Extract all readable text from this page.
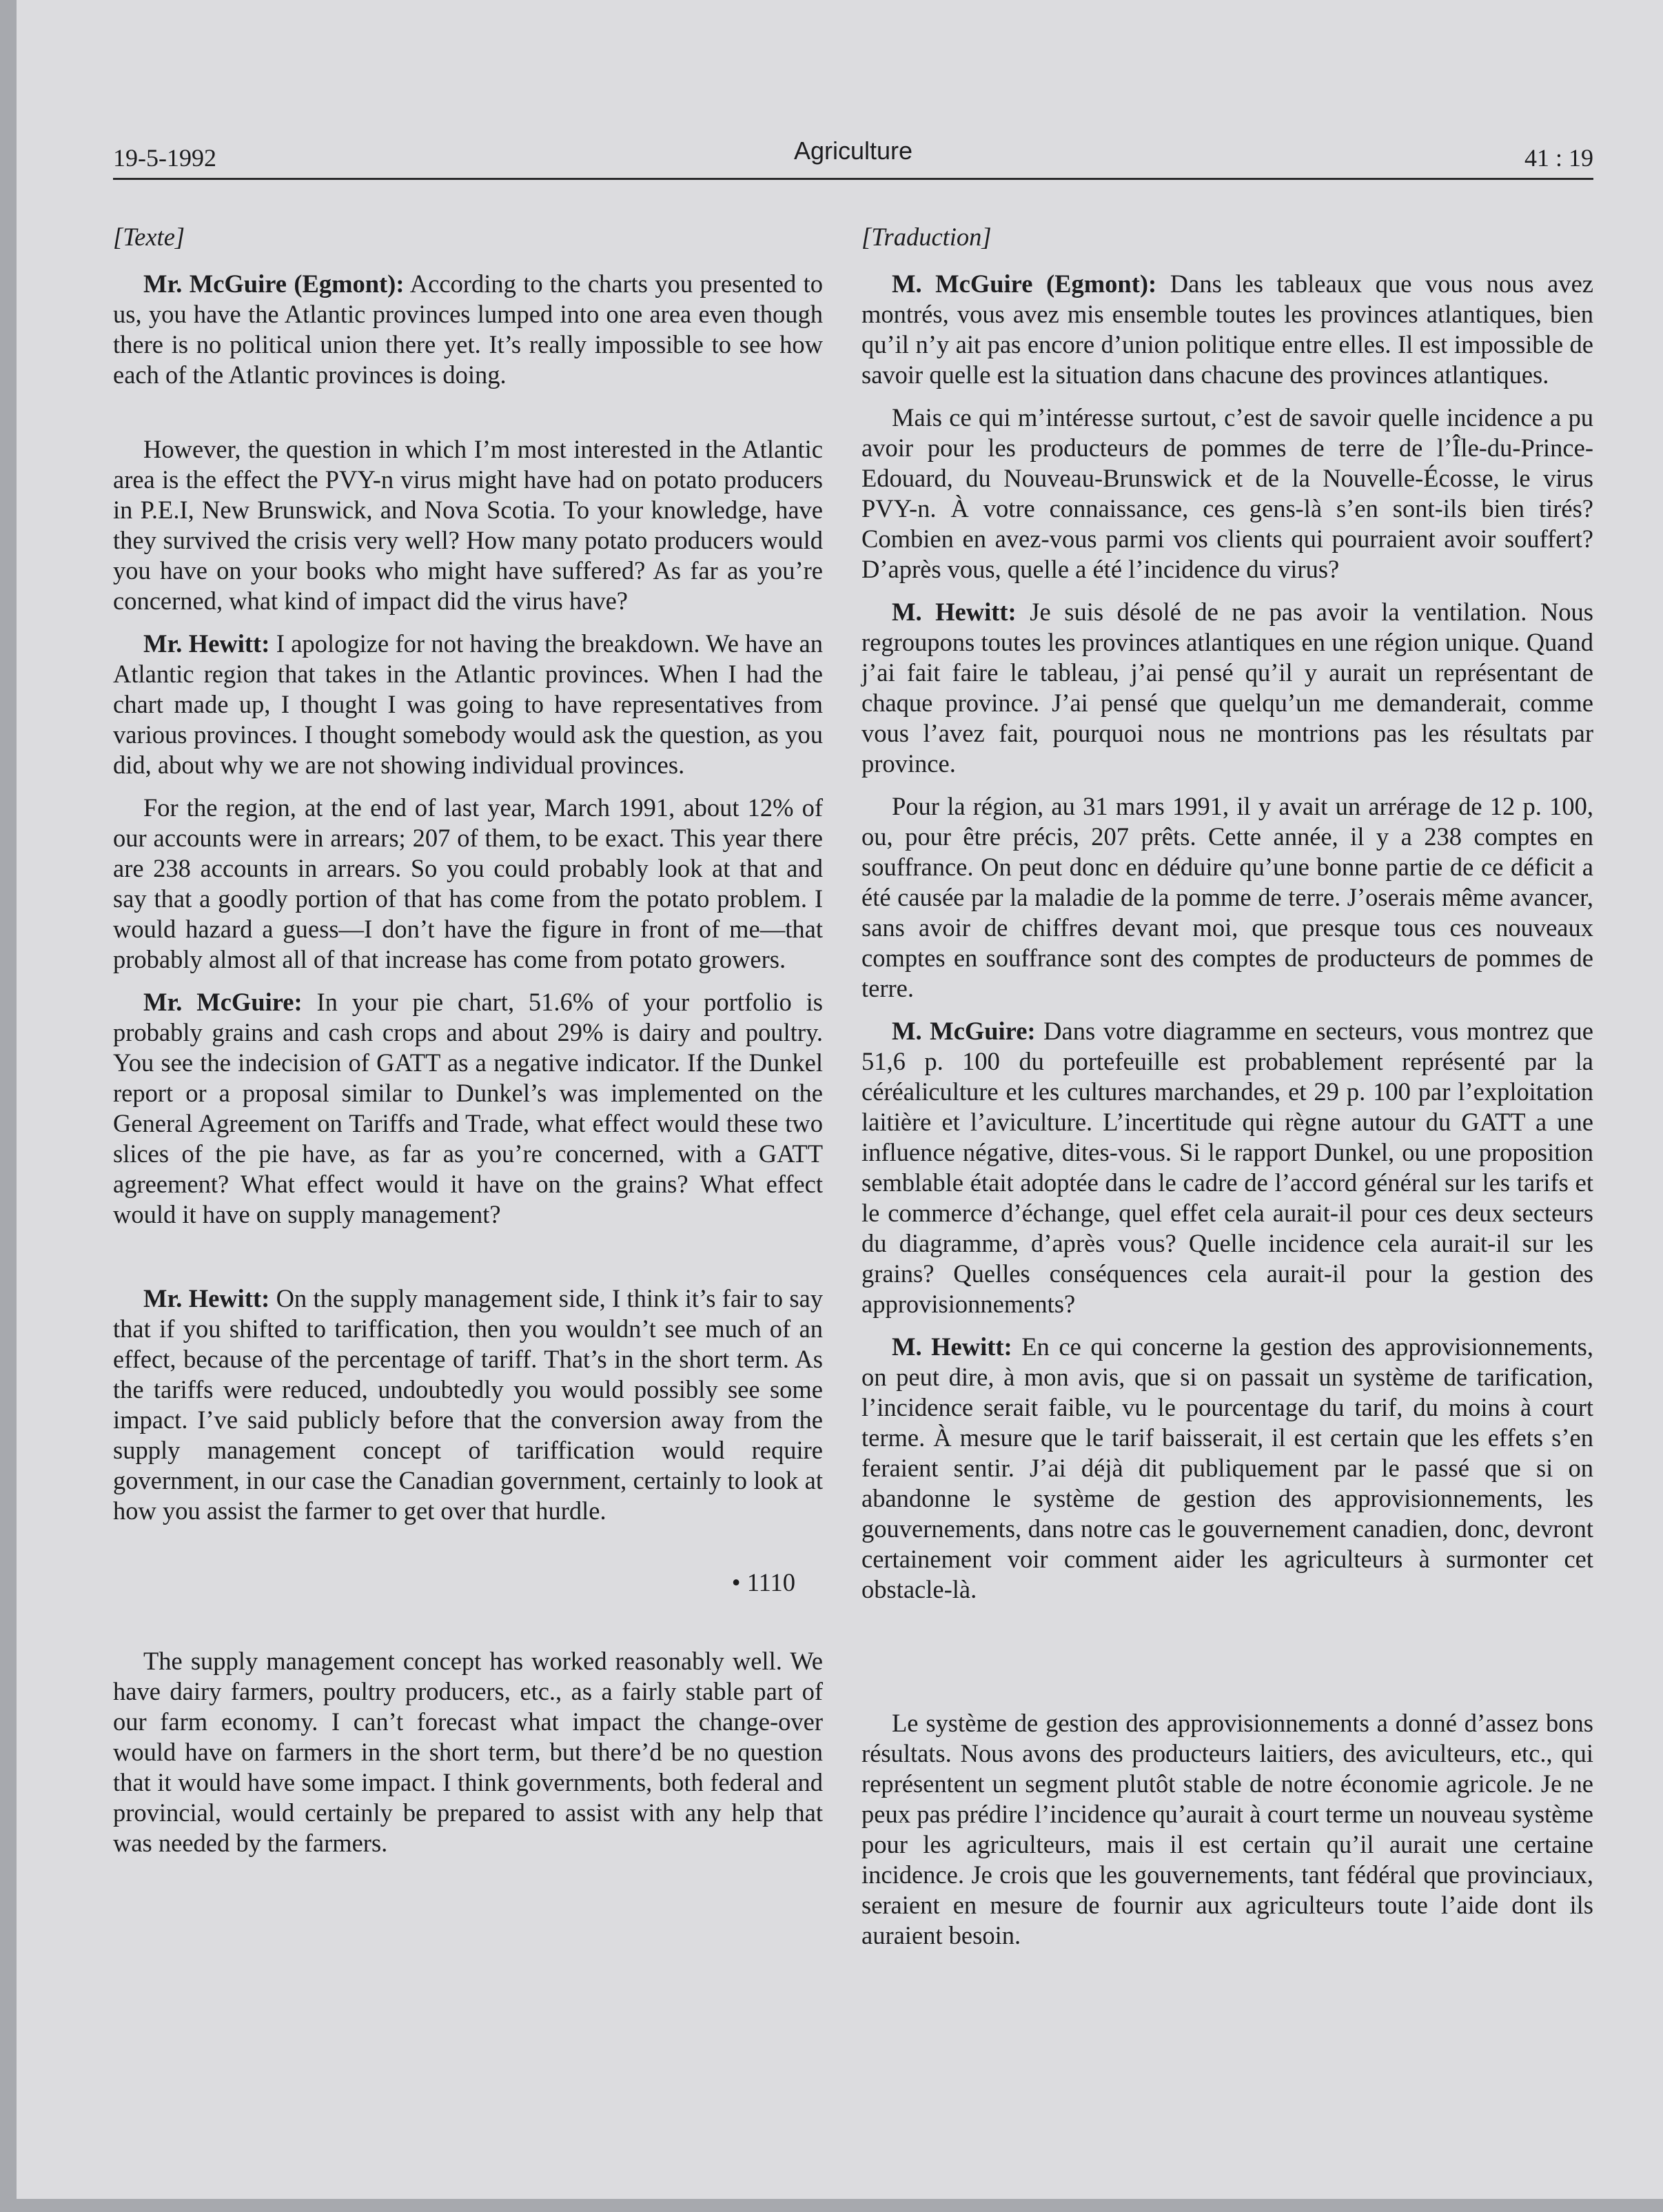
19-5-1992	Agriculture	41 : 19
[Texte]

Mr. McGuire (Egmont): According to the charts you presented to us, you have the Atlantic provinces lumped into one area even though there is no political union there yet. It’s really impossible to see how each of the Atlantic provinces is doing.

However, the question in which I’m most interested in the Atlantic area is the effect the PVY-n virus might have had on potato producers in P.E.I, New Brunswick, and Nova Scotia. To your knowledge, have they survived the crisis very well? How many potato producers would you have on your books who might have suffered? As far as you’re concerned, what kind of impact did the virus have?

Mr. Hewitt: I apologize for not having the breakdown. We have an Atlantic region that takes in the Atlantic provinces. When I had the chart made up, I thought I was going to have representatives from various provinces. I thought somebody would ask the question, as you did, about why we are not showing individual provinces.

For the region, at the end of last year, March 1991, about 12% of our accounts were in arrears; 207 of them, to be exact. This year there are 238 accounts in arrears. So you could probably look at that and say that a goodly portion of that has come from the potato problem. I would hazard a guess—I don’t have the figure in front of me—that probably almost all of that increase has come from potato growers.

Mr. McGuire: In your pie chart, 51.6% of your portfolio is probably grains and cash crops and about 29% is dairy and poultry. You see the indecision of GATT as a negative indicator. If the Dunkel report or a proposal similar to Dunkel’s was implemented on the General Agreement on Tariffs and Trade, what effect would these two slices of the pie have, as far as you’re concerned, with a GATT agreement? What effect would it have on the grains? What effect would it have on supply management?

Mr. Hewitt: On the supply management side, I think it’s fair to say that if you shifted to tariffication, then you wouldn’t see much of an effect, because of the percentage of tariff. That’s in the short term. As the tariffs were reduced, undoubtedly you would possibly see some impact. I’ve said publicly before that the conversion away from the supply management concept of tariffication would require government, in our case the Canadian government, certainly to look at how you assist the farmer to get over that hurdle.

• 1110

The supply management concept has worked reasonably well. We have dairy farmers, poultry producers, etc., as a fairly stable part of our farm economy. I can’t forecast what impact the change-over would have on farmers in the short term, but there’d be no question that it would have some impact. I think governments, both federal and provincial, would certainly be prepared to assist with any help that was needed by the farmers.

[Traduction]

M. McGuire (Egmont): Dans les tableaux que vous nous avez montrés, vous avez mis ensemble toutes les provinces atlantiques, bien qu’il n’y ait pas encore d’union politique entre elles. Il est impossible de savoir quelle est la situation dans chacune des provinces atlantiques.

Mais ce qui m’intéresse surtout, c’est de savoir quelle incidence a pu avoir pour les producteurs de pommes de terre de l’Île-du-Prince-Edouard, du Nouveau-Brunswick et de la Nouvelle-Écosse, le virus PVY-n. À votre connaissance, ces gens-là s’en sont-ils bien tirés? Combien en avez-vous parmi vos clients qui pourraient avoir souffert? D’après vous, quelle a été l’incidence du virus?

M. Hewitt: Je suis désolé de ne pas avoir la ventilation. Nous regroupons toutes les provinces atlantiques en une région unique. Quand j’ai fait faire le tableau, j’ai pensé qu’il y aurait un représentant de chaque province. J’ai pensé que quelqu’un me demanderait, comme vous l’avez fait, pourquoi nous ne montrions pas les résultats par province.

Pour la région, au 31 mars 1991, il y avait un arrérage de 12 p. 100, ou, pour être précis, 207 prêts. Cette année, il y a 238 comptes en souffrance. On peut donc en déduire qu’une bonne partie de ce déficit a été causée par la maladie de la pomme de terre. J’oserais même avancer, sans avoir de chiffres devant moi, que presque tous ces nouveaux comptes en souffrance sont des comptes de producteurs de pommes de terre.

M. McGuire: Dans votre diagramme en secteurs, vous montrez que 51,6 p. 100 du portefeuille est probablement représenté par la céréaliculture et les cultures marchandes, et 29 p. 100 par l’exploitation laitière et l’aviculture. L’incertitude qui règne autour du GATT a une influence négative, dites-vous. Si le rapport Dunkel, ou une proposition semblable était adoptée dans le cadre de l’accord général sur les tarifs et le commerce d’échange, quel effet cela aurait-il pour ces deux secteurs du diagramme, d’après vous? Quelle incidence cela aurait-il sur les grains? Quelles conséquences cela aurait-il pour la gestion des approvisionnements?

M. Hewitt: En ce qui concerne la gestion des approvisionnements, on peut dire, à mon avis, que si on passait un système de tarification, l’incidence serait faible, vu le pourcentage du tarif, du moins à court terme. À mesure que le tarif baisserait, il est certain que les effets s’en feraient sentir. J’ai déjà dit publiquement par le passé que si on abandonne le système de gestion des approvisionnements, les gouvernements, dans notre cas le gouvernement canadien, donc, devront certainement voir comment aider les agriculteurs à surmonter cet obstacle-là.

Le système de gestion des approvisionnements a donné d’assez bons résultats. Nous avons des producteurs laitiers, des aviculteurs, etc., qui représentent un segment plutôt stable de notre économie agricole. Je ne peux pas prédire l’incidence qu’aurait à court terme un nouveau système pour les agriculteurs, mais il est certain qu’il aurait une certaine incidence. Je crois que les gouvernements, tant fédéral que provinciaux, seraient en mesure de fournir aux agriculteurs toute l’aide dont ils auraient besoin.
